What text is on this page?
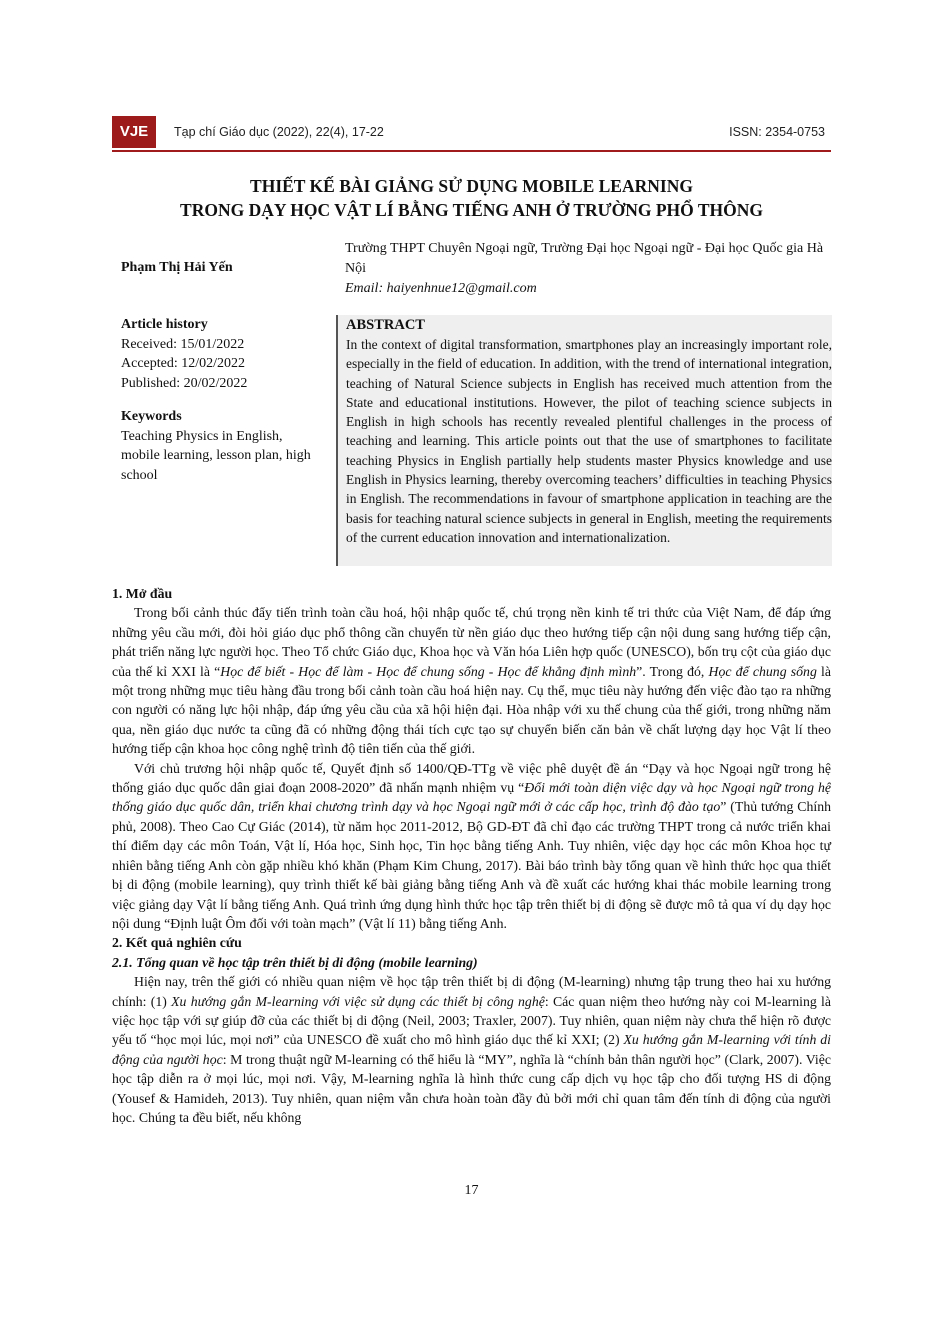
VJE	Tạp chí Giáo dục (2022), 22(4), 17-22	ISSN: 2354-0753
THIẾT KẾ BÀI GIẢNG SỬ DỤNG MOBILE LEARNING
TRONG DẠY HỌC VẬT LÍ BẰNG TIẾNG ANH Ở TRƯỜNG PHỔ THÔNG
Phạm Thị Hải Yến
Trường THPT Chuyên Ngoại ngữ, Trường Đại học Ngoại ngữ - Đại học Quốc gia Hà Nội
Email: haiyenhnue12@gmail.com
Article history
Received: 15/01/2022
Accepted: 12/02/2022
Published: 20/02/2022
Keywords
Teaching Physics in English, mobile learning, lesson plan, high school
ABSTRACT

In the context of digital transformation, smartphones play an increasingly important role, especially in the field of education. In addition, with the trend of international integration, teaching of Natural Science subjects in English has received much attention from the State and educational institutions. However, the pilot of teaching science subjects in English in high schools has recently revealed plentiful challenges in the process of teaching and learning. This article points out that the use of smartphones to facilitate teaching Physics in English partially help students master Physics knowledge and use English in Physics learning, thereby overcoming teachers’ difficulties in teaching Physics in English. The recommendations in favour of smartphone application in teaching are the basis for teaching natural science subjects in general in English, meeting the requirements of the current education innovation and internationalization.

1. Mở đầu

Trong bối cảnh thúc đẩy tiến trình toàn cầu hoá, hội nhập quốc tế, chú trọng nền kinh tế tri thức của Việt Nam, để đáp ứng những yêu cầu mới, đòi hỏi giáo dục phổ thông cần chuyển từ nền giáo dục theo hướng tiếp cận nội dung sang hướng tiếp cận, phát triển năng lực người học. Theo Tổ chức Giáo dục, Khoa học và Văn hóa Liên hợp quốc (UNESCO), bốn trụ cột của giáo dục của thế kỉ XXI là “Học để biết - Học để làm - Học để chung sống - Học để khẳng định mình”. Trong đó, Học để chung sống là một trong những mục tiêu hàng đầu trong bối cảnh toàn cầu hoá hiện nay. Cụ thể, mục tiêu này hướng đến việc đào tạo ra những con người có năng lực hội nhập, đáp ứng yêu cầu của xã hội hiện đại. Hòa nhập với xu thế chung của thế giới, trong những năm qua, nền giáo dục nước ta cũng đã có những động thái tích cực tạo sự chuyển biến căn bản về chất lượng dạy học Vật lí theo hướng tiếp cận khoa học công nghệ trình độ tiên tiến của thế giới.

Với chủ trương hội nhập quốc tế, Quyết định số 1400/QĐ-TTg về việc phê duyệt đề án “Dạy và học Ngoại ngữ trong hệ thống giáo dục quốc dân giai đoạn 2008-2020” đã nhấn mạnh nhiệm vụ “Đổi mới toàn diện việc dạy và học Ngoại ngữ trong hệ thống giáo dục quốc dân, triển khai chương trình dạy và học Ngoại ngữ mới ở các cấp học, trình độ đào tạo” (Thủ tướng Chính phủ, 2008). Theo Cao Cự Giác (2014), từ năm học 2011-2012, Bộ GD-ĐT đã chỉ đạo các trường THPT trong cả nước triển khai thí điểm dạy các môn Toán, Vật lí, Hóa học, Sinh học, Tin học bằng tiếng Anh. Tuy nhiên, việc dạy học các môn Khoa học tự nhiên bằng tiếng Anh còn gặp nhiều khó khăn (Phạm Kim Chung, 2017). Bài báo trình bày tổng quan về hình thức học qua thiết bị di động (mobile learning), quy trình thiết kế bài giảng bằng tiếng Anh và đề xuất các hướng khai thác mobile learning trong việc giảng dạy Vật lí bằng tiếng Anh. Quá trình ứng dụng hình thức học tập trên thiết bị di động sẽ được mô tả qua ví dụ dạy học nội dung “Định luật Ôm đối với toàn mạch” (Vật lí 11) bằng tiếng Anh.

2. Kết quả nghiên cứu
2.1. Tổng quan về học tập trên thiết bị di động (mobile learning)

Hiện nay, trên thế giới có nhiều quan niệm về học tập trên thiết bị di động (M-learning) nhưng tập trung theo hai xu hướng chính: (1) Xu hướng gắn M-learning với việc sử dụng các thiết bị công nghệ: Các quan niệm theo hướng này coi M-learning là việc học tập với sự giúp đỡ của các thiết bị di động (Neil, 2003; Traxler, 2007). Tuy nhiên, quan niệm này chưa thể hiện rõ được yếu tố “học mọi lúc, mọi nơi” của UNESCO đề xuất cho mô hình giáo dục thế kỉ XXI; (2) Xu hướng gắn M-learning với tính di động của người học: M trong thuật ngữ M-learning có thể hiểu là “MY”, nghĩa là “chính bản thân người học” (Clark, 2007). Việc học tập diễn ra ở mọi lúc, mọi nơi. Vậy, M-learning nghĩa là hình thức cung cấp dịch vụ học tập cho đối tượng HS di động (Yousef & Hamideh, 2013). Tuy nhiên, quan niệm vẫn chưa hoàn toàn đầy đủ bởi mới chỉ quan tâm đến tính di động của người học. Chúng ta đều biết, nếu không

17
